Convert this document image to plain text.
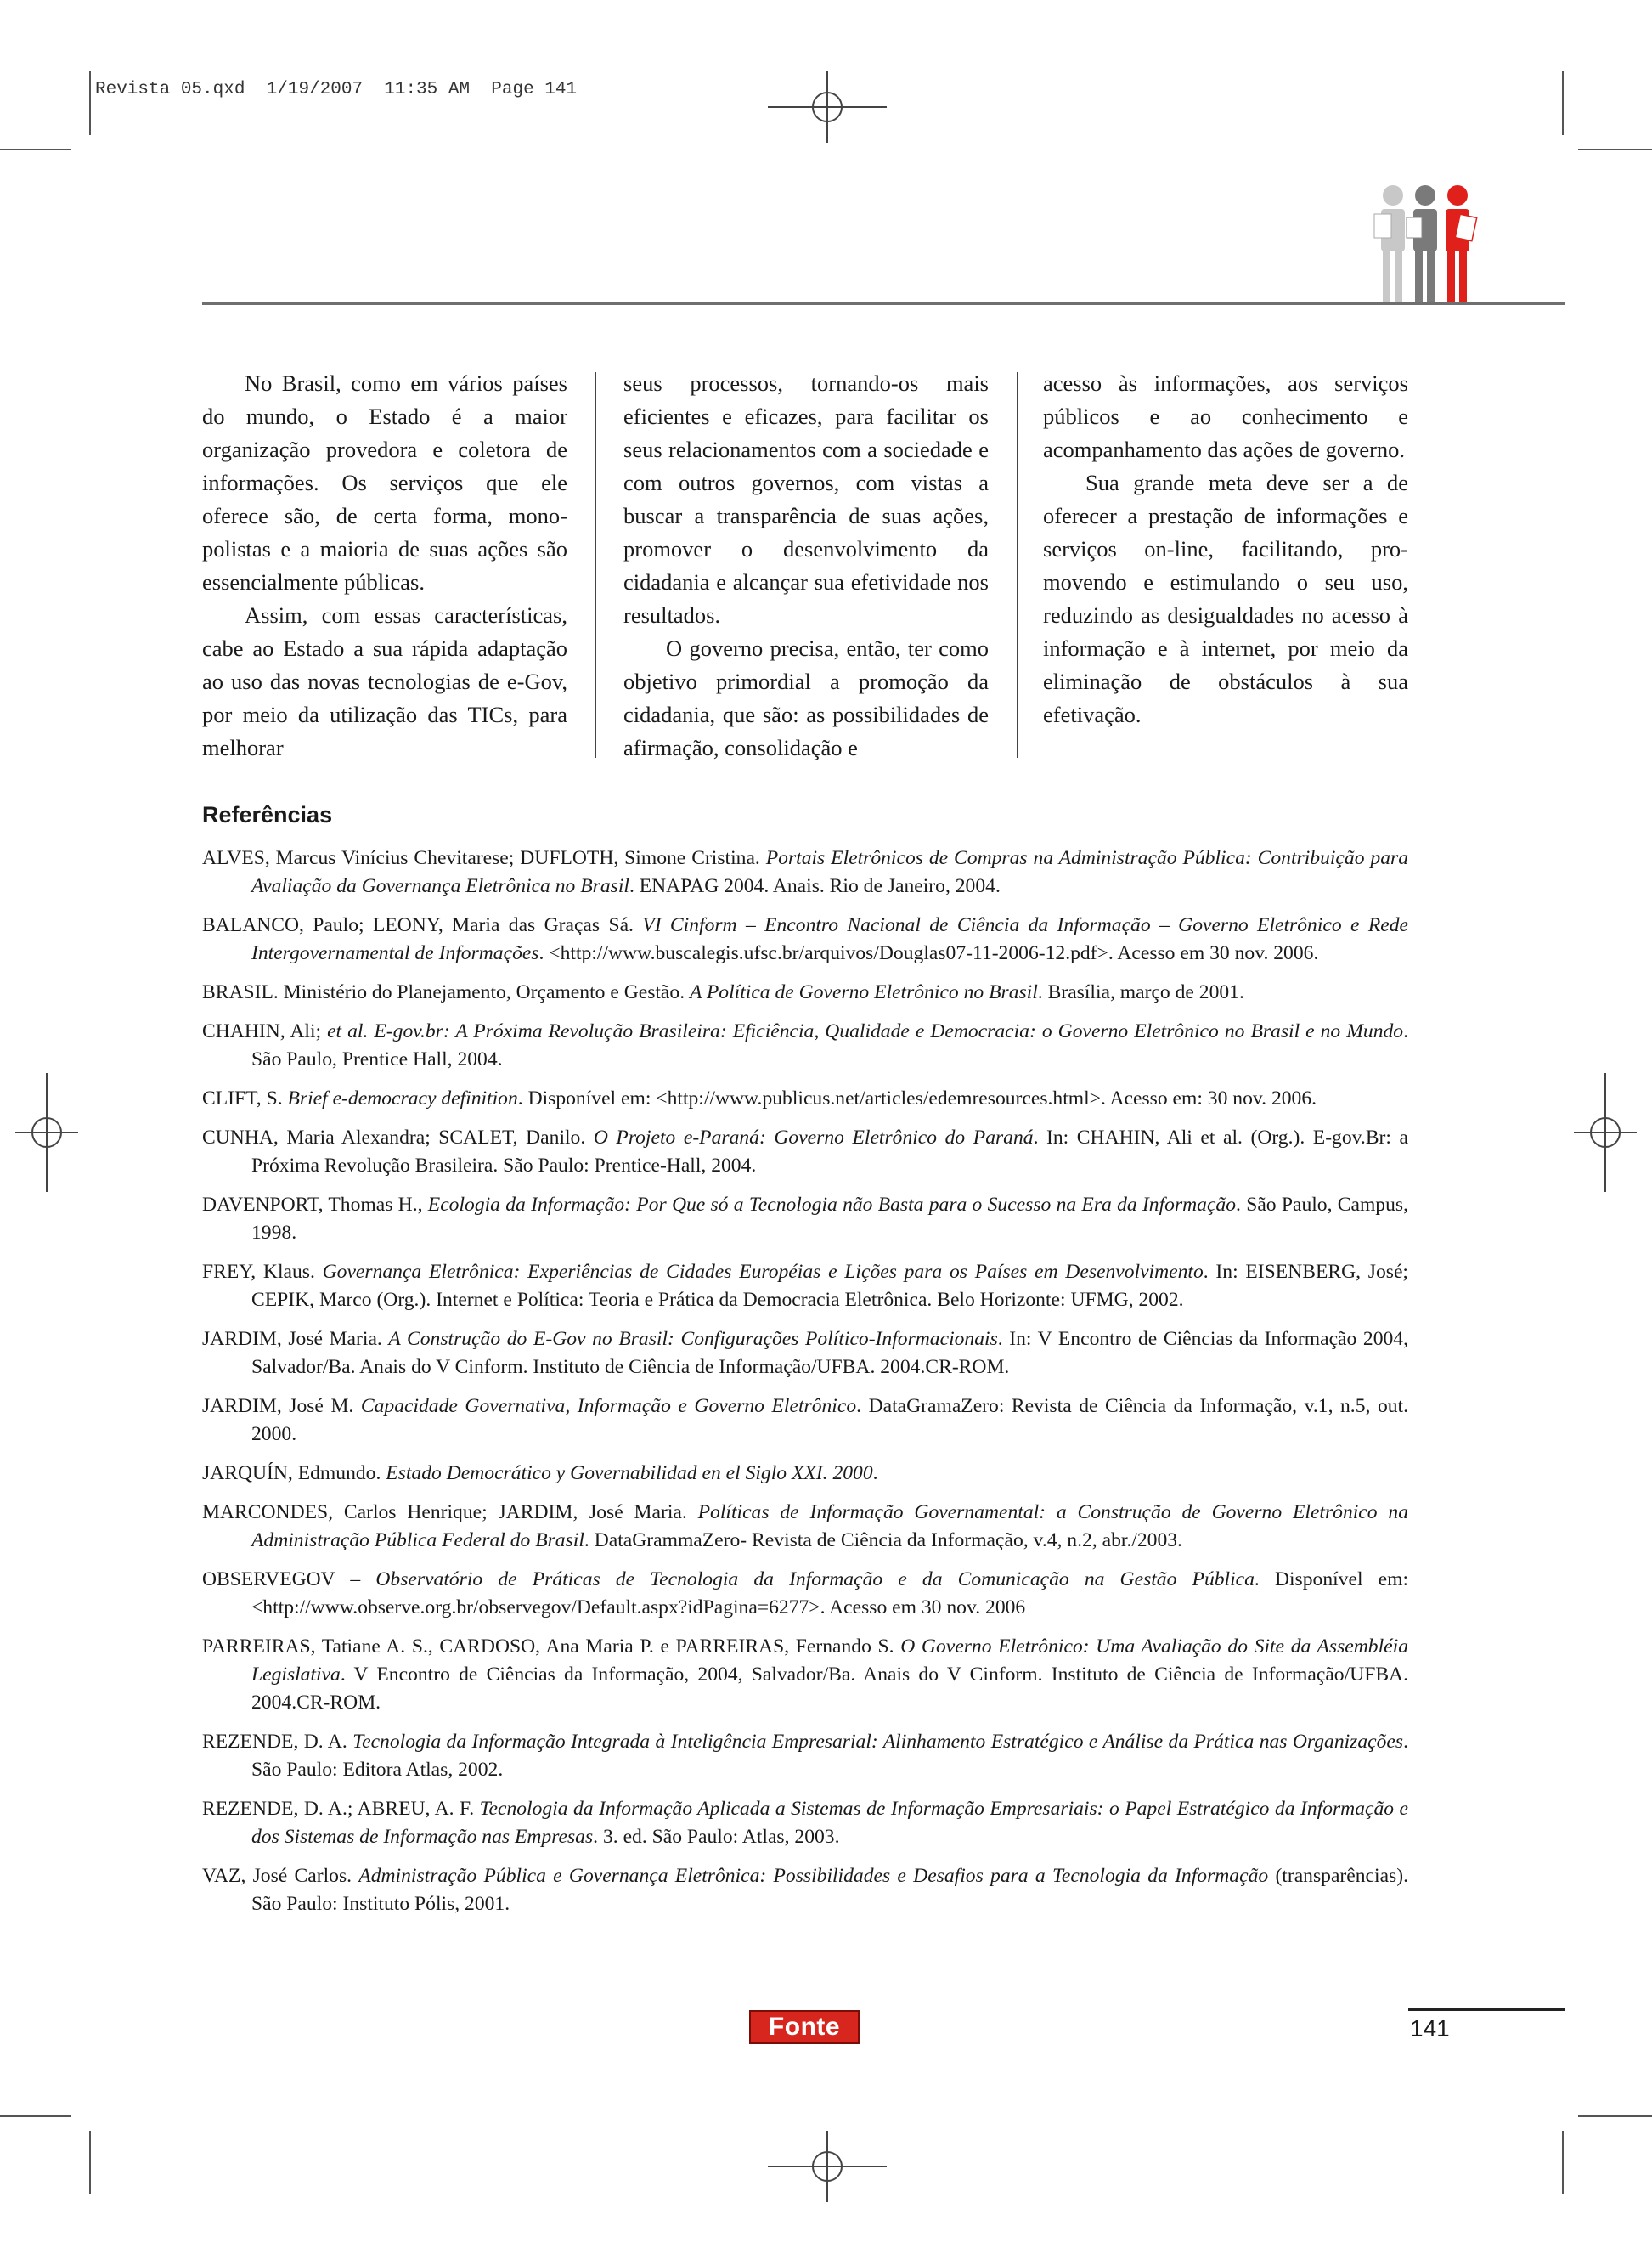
Revista 05.qxd  1/19/2007  11:35 AM  Page 141

No Brasil, como em vários países do mundo, o Estado é a maior organização provedora e coletora de informações. Os serviços que ele oferece são, de certa forma, monopolistas e a maioria de suas ações são essencialmente públicas.

Assim, com essas características, cabe ao Estado a sua rápida adaptação ao uso das novas tecnologias de e-Gov, por meio da utilização das TICs, para melhorar

seus processos, tornando-os mais eficientes e eficazes, para facilitar os seus relacionamentos com a sociedade e com outros governos, com vistas a buscar a transparência de suas ações, promover o desenvolvimento da cidadania e alcançar sua efetividade nos resultados.

O governo precisa, então, ter como objetivo primordial a promoção da cidadania, que são: as possibilidades de afirmação, consolidação e

acesso às informações, aos serviços públicos e ao conhecimento e acompanhamento das ações de governo.

Sua grande meta deve ser a de oferecer a prestação de informações e serviços on-line, facilitando, promovendo e estimulando o seu uso, reduzindo as desigualdades no acesso à informação e à internet, por meio da eliminação de obstáculos à sua efetivação.

Referências

ALVES, Marcus Vinícius Chevitarese; DUFLOTH, Simone Cristina. Portais Eletrônicos de Compras na Administração Pública: Contribuição para Avaliação da Governança Eletrônica no Brasil. ENAPAG 2004. Anais. Rio de Janeiro, 2004.

BALANCO, Paulo; LEONY, Maria das Graças Sá. VI Cinform – Encontro Nacional de Ciência da Informação – Governo Eletrônico e Rede Intergovernamental de Informações. <http://www.buscalegis.ufsc.br/arquivos/Douglas07-11-2006-12.pdf>. Acesso em 30 nov. 2006.

BRASIL. Ministério do Planejamento, Orçamento e Gestão. A Política de Governo Eletrônico no Brasil. Brasília, março de 2001.

CHAHIN, Ali; et al. E-gov.br: A Próxima Revolução Brasileira: Eficiência, Qualidade e Democracia: o Governo Eletrônico no Brasil e no Mundo. São Paulo, Prentice Hall, 2004.

CLIFT, S. Brief e-democracy definition. Disponível em: <http://www.publicus.net/articles/edemresources.html>. Acesso em: 30 nov. 2006.

CUNHA, Maria Alexandra; SCALET, Danilo. O Projeto e-Paraná: Governo Eletrônico do Paraná. In: CHAHIN, Ali et al. (Org.). E-gov.Br: a Próxima Revolução Brasileira. São Paulo: Prentice-Hall, 2004.

DAVENPORT, Thomas H., Ecologia da Informação: Por Que só a Tecnologia não Basta para o Sucesso na Era da Informação. São Paulo, Campus, 1998.

FREY, Klaus. Governança Eletrônica: Experiências de Cidades Européias e Lições para os Países em Desenvolvimento. In: EISENBERG, José; CEPIK, Marco (Org.). Internet e Política: Teoria e Prática da Democracia Eletrônica. Belo Horizonte: UFMG, 2002.

JARDIM, José Maria. A Construção do E-Gov no Brasil: Configurações Político-Informacionais. In: V Encontro de Ciências da Informação 2004, Salvador/Ba. Anais do V Cinform. Instituto de Ciência de Informação/UFBA. 2004.CR-ROM.

JARDIM, José M. Capacidade Governativa, Informação e Governo Eletrônico. DataGramaZero: Revista de Ciência da Informação, v.1, n.5, out. 2000.

JARQUÍN, Edmundo. Estado Democrático y Governabilidad en el Siglo XXI. 2000.

MARCONDES, Carlos Henrique; JARDIM, José Maria. Políticas de Informação Governamental: a Construção de Governo Eletrônico na Administração Pública Federal do Brasil. DataGrammaZero- Revista de Ciência da Informação, v.4, n.2, abr./2003.

OBSERVEGOV – Observatório de Práticas de Tecnologia da Informação e da Comunicação na Gestão Pública. Disponível em: <http://www.observe.org.br/observegov/Default.aspx?idPagina=6277>. Acesso em 30 nov. 2006

PARREIRAS, Tatiane A. S., CARDOSO, Ana Maria P. e PARREIRAS, Fernando S. O Governo Eletrônico: Uma Avaliação do Site da Assembléia Legislativa. V Encontro de Ciências da Informação, 2004, Salvador/Ba. Anais do V Cinform. Instituto de Ciência de Informação/UFBA. 2004.CR-ROM.

REZENDE, D. A. Tecnologia da Informação Integrada à Inteligência Empresarial: Alinhamento Estratégico e Análise da Prática nas Organizações. São Paulo: Editora Atlas, 2002.

REZENDE, D. A.; ABREU, A. F. Tecnologia da Informação Aplicada a Sistemas de Informação Empresariais: o Papel Estratégico da Informação e dos Sistemas de Informação nas Empresas. 3. ed. São Paulo: Atlas, 2003.

VAZ, José Carlos. Administração Pública e Governança Eletrônica: Possibilidades e Desafios para a Tecnologia da Informação (transparências). São Paulo: Instituto Pólis, 2001.

Fonte	141
